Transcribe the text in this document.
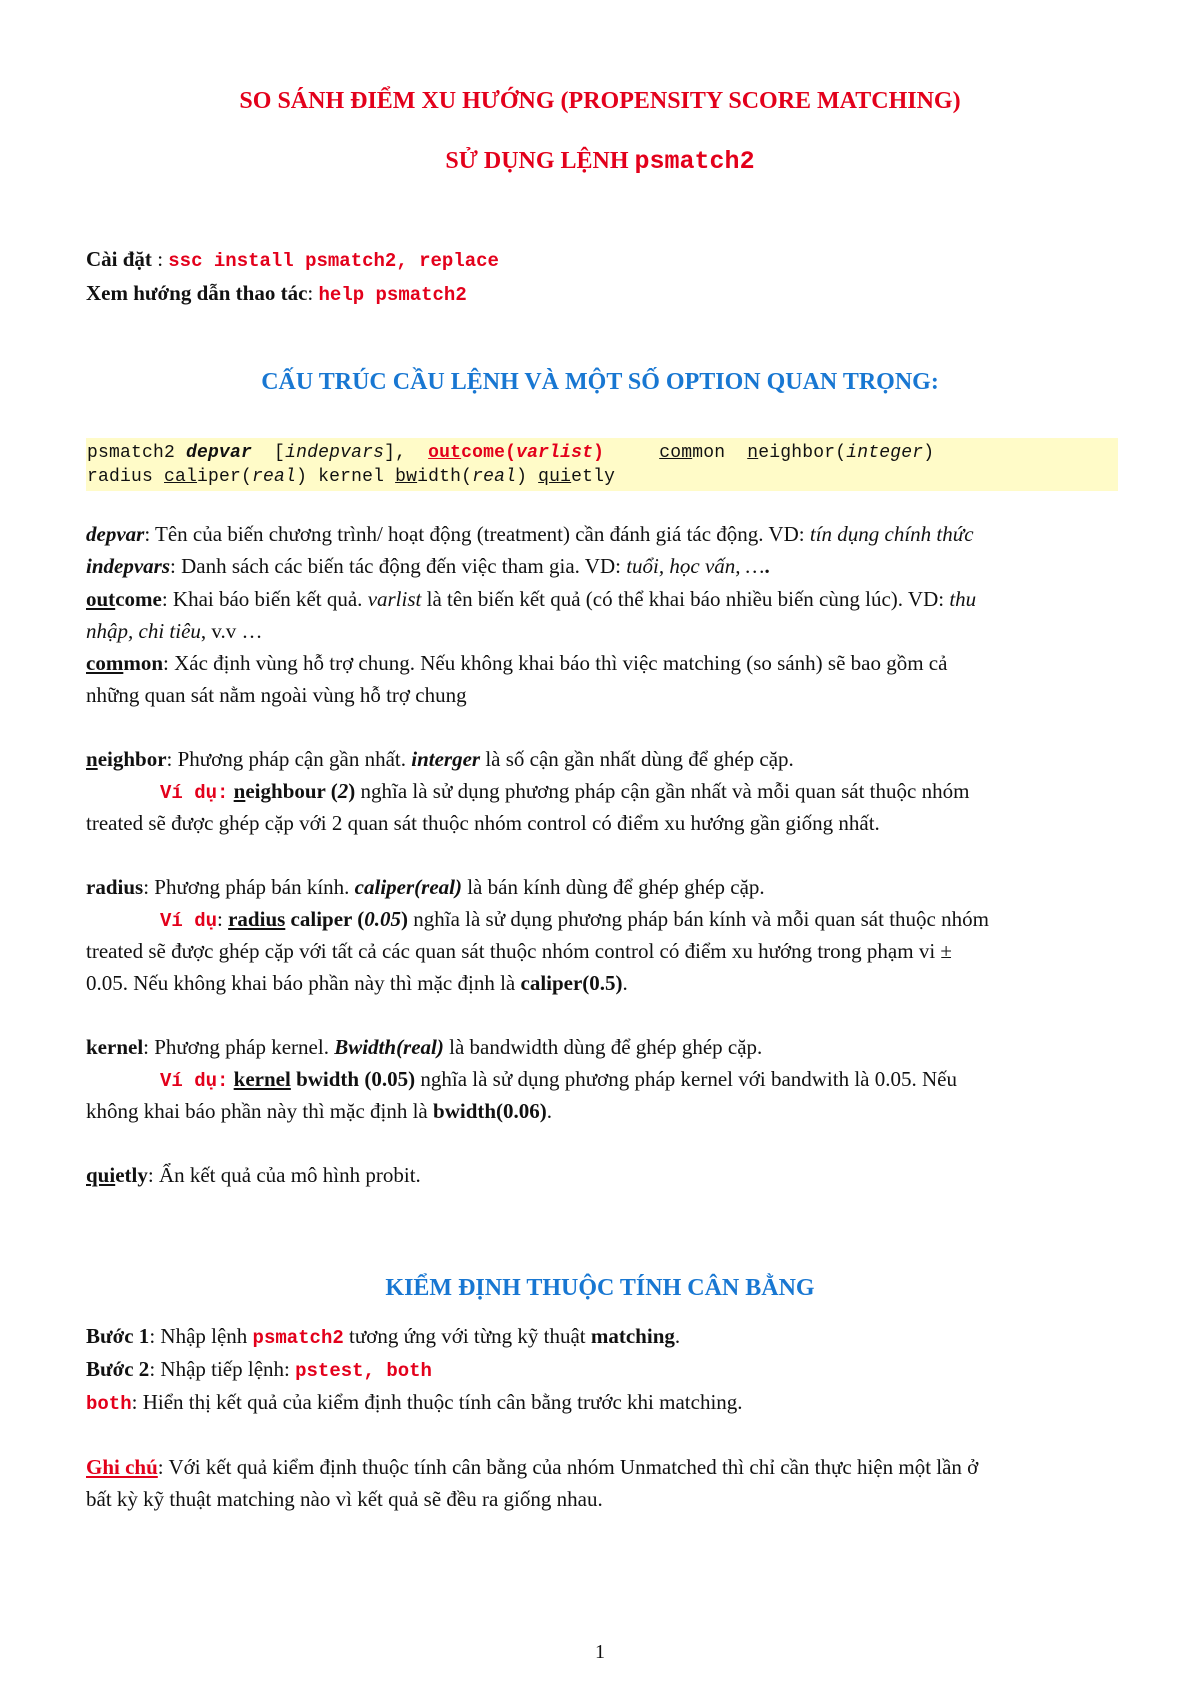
SO SÁNH ĐIỂM XU HƯỚNG (PROPENSITY SCORE MATCHING)
SỬ DỤNG LỆNH psmatch2
Cài đặt : ssc install psmatch2, replace
Xem hướng dẫn thao tác: help psmatch2
CẤU TRÚC CẦU LỆNH VÀ MỘT SỐ OPTION QUAN TRỌNG:
psmatch2 depvar  [indepvars],  outcome(varlist)	common neighbor(integer)
radius caliper(real) kernel bwidth(real) quietly
depvar: Tên của biến chương trình/ hoạt động (treatment) cần đánh giá tác động. VD: tín dụng chính thức
indepvars: Danh sách các biến tác động đến việc tham gia. VD: tuổi, học vấn, ….
outcome: Khai báo biến kết quả. varlist là tên biến kết quả (có thể khai báo nhiều biến cùng lúc). VD: thu
nhập, chi tiêu, v.v …
common: Xác định vùng hỗ trợ chung. Nếu không khai báo thì việc matching (so sánh) sẽ bao gồm cả
những quan sát nằm ngoài vùng hỗ trợ chung
neighbor: Phương pháp cận gần nhất. interger là số cận gần nhất dùng để ghép cặp.
Ví dụ: neighbour (2) nghĩa là sử dụng phương pháp cận gần nhất và mỗi quan sát thuộc nhóm
treated sẽ được ghép cặp với 2 quan sát thuộc nhóm control có điểm xu hướng gần giống nhất.
radius: Phương pháp bán kính. caliper(real) là bán kính dùng để ghép ghép cặp.
Ví dụ: radius caliper (0.05) nghĩa là sử dụng phương pháp bán kính và mỗi quan sát thuộc nhóm
treated sẽ được ghép cặp với tất cả các quan sát thuộc nhóm control có điểm xu hướng trong phạm vi ±
0.05. Nếu không khai báo phần này thì mặc định là caliper(0.5).
kernel: Phương pháp kernel. Bwidth(real) là bandwidth dùng để ghép ghép cặp.
Ví dụ: kernel bwidth (0.05) nghĩa là sử dụng phương pháp kernel với bandwith là 0.05. Nếu
không khai báo phần này thì mặc định là bwidth(0.06).
quietly: Ẩn kết quả của mô hình probit.
KIỂM ĐỊNH THUỘC TÍNH CÂN BẰNG
Bước 1: Nhập lệnh psmatch2 tương ứng với từng kỹ thuật matching.
Bước 2: Nhập tiếp lệnh: pstest, both
both: Hiển thị kết quả của kiểm định thuộc tính cân bằng trước khi matching.
Ghi chú: Với kết quả kiểm định thuộc tính cân bằng của nhóm Unmatched thì chỉ cần thực hiện một lần ở
bất kỳ kỹ thuật matching nào vì kết quả sẽ đều ra giống nhau.
1
